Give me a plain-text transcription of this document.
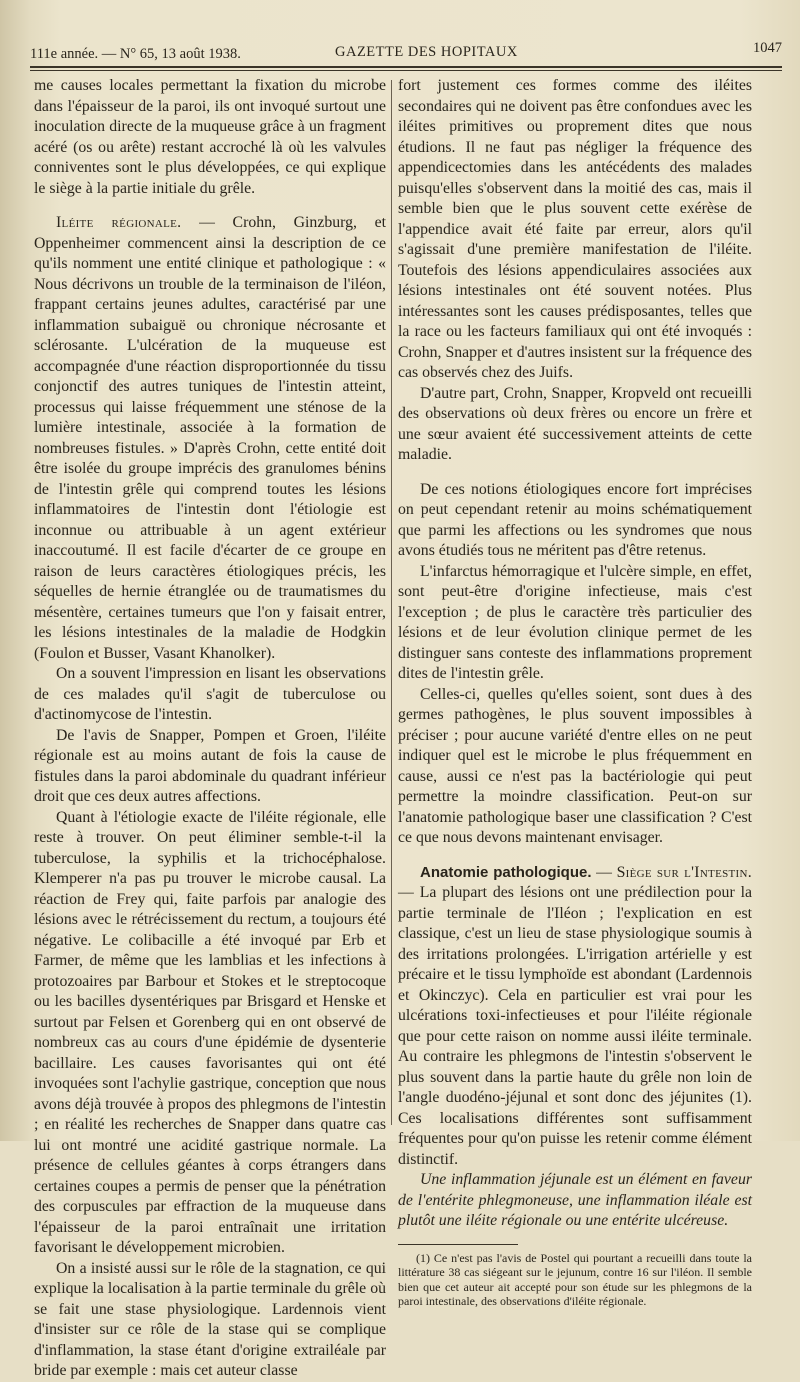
111e année. — N° 65, 13 août 1938.	GAZETTE DES HOPITAUX	1047

me causes locales permettant la fixation du microbe dans l'épaisseur de la paroi, ils ont invoqué surtout une inoculation directe de la muqueuse grâce à un fragment acéré (os ou arête) restant accroché là où les valvules conniventes sont le plus développées, ce qui explique le siège à la partie initiale du grêle.

Iléite régionale. — Crohn, Ginzburg, et Oppenheimer commencent ainsi la description de ce qu'ils nomment une entité clinique et pathologique : « Nous décrivons un trouble de la terminaison de l'iléon, frappant certains jeunes adultes, caractérisé par une inflammation subaiguë ou chronique nécrosante et sclérosante. L'ulcération de la muqueuse est accompagnée d'une réaction disproportionnée du tissu conjonctif des autres tuniques de l'intestin atteint, processus qui laisse fréquemment une sténose de la lumière intestinale, associée à la formation de nombreuses fistules. » D'après Crohn, cette entité doit être isolée du groupe imprécis des granulomes bénins de l'intestin grêle qui comprend toutes les lésions inflammatoires de l'intestin dont l'étiologie est inconnue ou attribuable à un agent extérieur inaccoutumé. Il est facile d'écarter de ce groupe en raison de leurs caractères étiologiques précis, les séquelles de hernie étranglée ou de traumatismes du mésentère, certaines tumeurs que l'on y faisait entrer, les lésions intestinales de la maladie de Hodgkin (Foulon et Busser, Vasant Khanolker).

On a souvent l'impression en lisant les observations de ces malades qu'il s'agit de tuberculose ou d'actinomycose de l'intestin.

De l'avis de Snapper, Pompen et Groen, l'iléite régionale est au moins autant de fois la cause de fistules dans la paroi abdominale du quadrant inférieur droit que ces deux autres affections.

Quant à l'étiologie exacte de l'iléite régionale, elle reste à trouver. On peut éliminer semble-t-il la tuberculose, la syphilis et la trichocéphalose. Klemperer n'a pas pu trouver le microbe causal. La réaction de Frey qui, faite parfois par analogie des lésions avec le rétrécissement du rectum, a toujours été négative. Le colibacille a été invoqué par Erb et Farmer, de même que les lamblias et les infections à protozoaires par Barbour et Stokes et le streptocoque ou les bacilles dysentériques par Brisgard et Henske et surtout par Felsen et Gorenberg qui en ont observé de nombreux cas au cours d'une épidémie de dysenterie bacillaire. Les causes favorisantes qui ont été invoquées sont l'achylie gastrique, conception que nous avons déjà trouvée à propos des phlegmons de l'intestin ; en réalité les recherches de Snapper dans quatre cas lui ont montré une acidité gastrique normale. La présence de cellules géantes à corps étrangers dans certaines coupes a permis de penser que la pénétration des corpuscules par effraction de la muqueuse dans l'épaisseur de la paroi entraînait une irritation favorisant le développement microbien.

On a insisté aussi sur le rôle de la stagnation, ce qui explique la localisation à la partie terminale du grêle où se fait une stase physiologique. Lardennois vient d'insister sur ce rôle de la stase qui se complique d'inflammation, la stase étant d'origine extrailéale par bride par exemple : mais cet auteur classe

fort justement ces formes comme des iléites secondaires qui ne doivent pas être confondues avec les iléites primitives ou proprement dites que nous étudions. Il ne faut pas négliger la fréquence des appendicectomies dans les antécédents des malades puisqu'elles s'observent dans la moitié des cas, mais il semble bien que le plus souvent cette exérèse de l'appendice avait été faite par erreur, alors qu'il s'agissait d'une première manifestation de l'iléite. Toutefois des lésions appendiculaires associées aux lésions intestinales ont été souvent notées. Plus intéressantes sont les causes prédisposantes, telles que la race ou les facteurs familiaux qui ont été invoqués : Crohn, Snapper et d'autres insistent sur la fréquence des cas observés chez des Juifs.

D'autre part, Crohn, Snapper, Kropveld ont recueilli des observations où deux frères ou encore un frère et une sœur avaient été successivement atteints de cette maladie.

De ces notions étiologiques encore fort imprécises on peut cependant retenir au moins schématiquement que parmi les affections ou les syndromes que nous avons étudiés tous ne méritent pas d'être retenus.

L'infarctus hémorragique et l'ulcère simple, en effet, sont peut-être d'origine infectieuse, mais c'est l'exception ; de plus le caractère très particulier des lésions et de leur évolution clinique permet de les distinguer sans conteste des inflammations proprement dites de l'intestin grêle.

Celles-ci, quelles qu'elles soient, sont dues à des germes pathogènes, le plus souvent impossibles à préciser ; pour aucune variété d'entre elles on ne peut indiquer quel est le microbe le plus fréquemment en cause, aussi ce n'est pas la bactériologie qui peut permettre la moindre classification. Peut-on sur l'anatomie pathologique baser une classification ? C'est ce que nous devons maintenant envisager.

Anatomie pathologique. — Siège sur l'Intestin. — La plupart des lésions ont une prédilection pour la partie terminale de l'Iléon ; l'explication en est classique, c'est un lieu de stase physiologique soumis à des irritations prolongées. L'irrigation artérielle y est précaire et le tissu lymphoïde est abondant (Lardennois et Okinczyc). Cela en particulier est vrai pour les ulcérations toxi-infectieuses et pour l'iléite régionale que pour cette raison on nomme aussi iléite terminale. Au contraire les phlegmons de l'intestin s'observent le plus souvent dans la partie haute du grêle non loin de l'angle duodéno-jéjunal et sont donc des jéjunites (1). Ces localisations différentes sont suffisamment fréquentes pour qu'on puisse les retenir comme élément distinctif.

Une inflammation jéjunale est un élément en faveur de l'entérite phlegmoneuse, une inflammation iléale est plutôt une iléite régionale ou une entérite ulcéreuse.

(1) Ce n'est pas l'avis de Postel qui pourtant a recueilli dans toute la littérature 38 cas siégeant sur le jejunum, contre 16 sur l'iléon. Il semble bien que cet auteur ait accepté pour son étude sur les phlegmons de la paroi intestinale, des observations d'iléite régionale.
